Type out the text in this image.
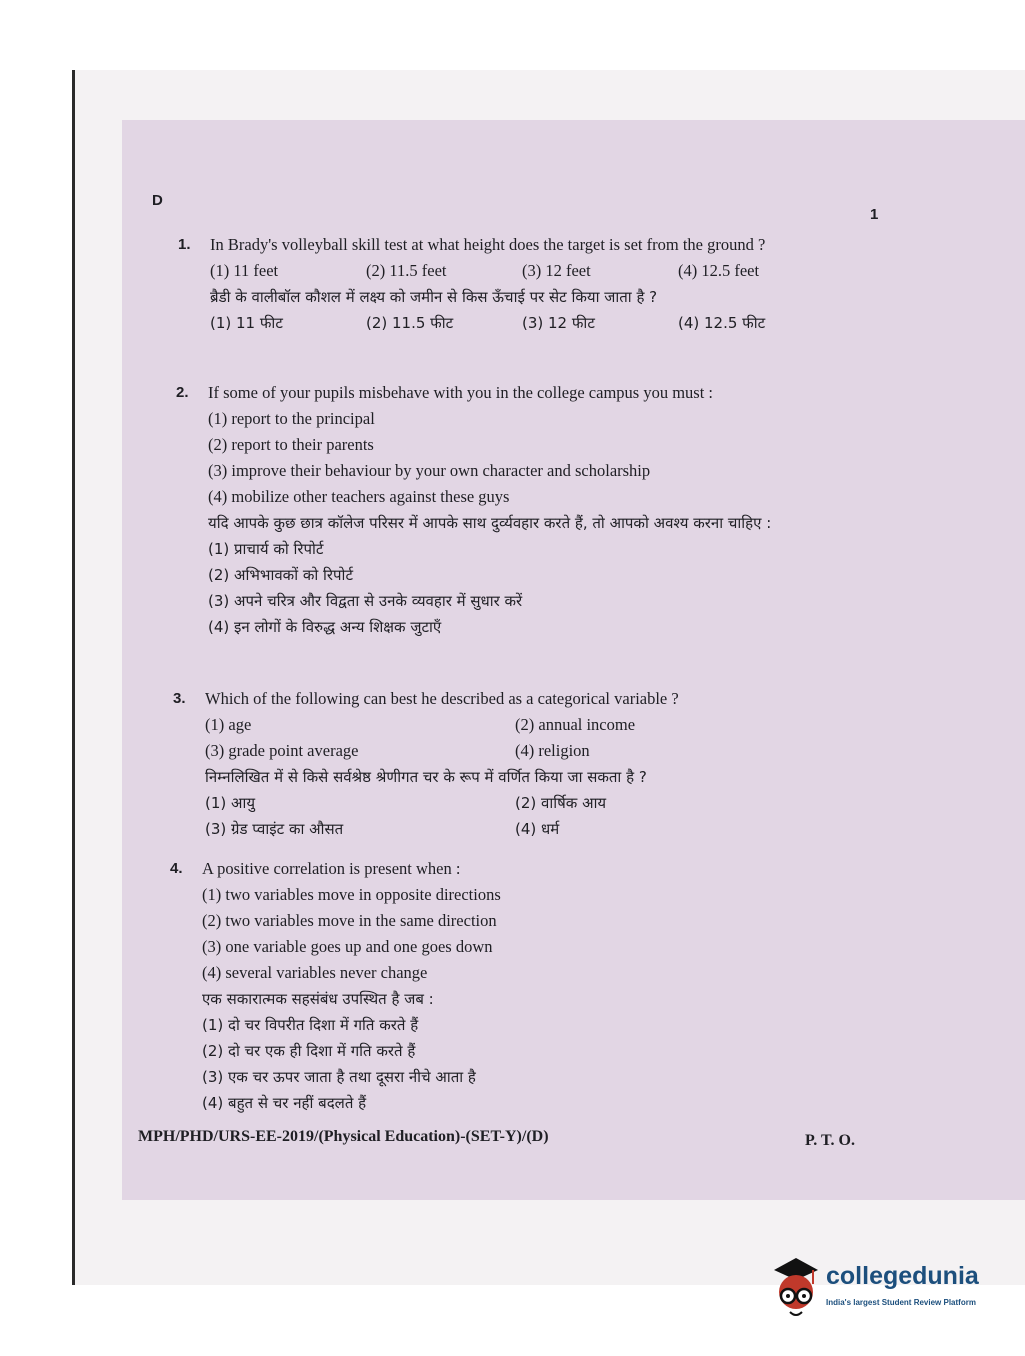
D
1
1. In Brady's volleyball skill test at what height does the target is set from the ground ?
(1) 11 feet	(2) 11.5 feet	(3) 12 feet	(4) 12.5 feet
ब्रैडी के वालीबॉल कौशल में लक्ष्य को जमीन से किस ऊँचाई पर सेट किया जाता है ?
(1) 11 फीट	(2) 11.5 फीट	(3) 12 फीट	(4) 12.5 फीट
2. If some of your pupils misbehave with you in the college campus you must :
(1) report to the principal
(2) report to their parents
(3) improve their behaviour by your own character and scholarship
(4) mobilize other teachers against these guys
यदि आपके कुछ छात्र कॉलेज परिसर में आपके साथ दुर्व्यवहार करते हैं, तो आपको अवश्य करना चाहिए :
(1) प्राचार्य को रिपोर्ट
(2) अभिभावकों को रिपोर्ट
(3) अपने चरित्र और विद्वता से उनके व्यवहार में सुधार करें
(4) इन लोगों के विरुद्ध अन्य शिक्षक जुटाएँ
3. Which of the following can best he described as a categorical variable ?
(1) age	(2) annual income
(3) grade point average	(4) religion
निम्नलिखित में से किसे सर्वश्रेष्ठ श्रेणीगत चर के रूप में वर्णित किया जा सकता है ?
(1) आयु	(2) वार्षिक आय
(3) ग्रेड प्वाइंट का औसत	(4) धर्म
4. A positive correlation is present when :
(1) two variables move in opposite directions
(2) two variables move in the same direction
(3) one variable goes up and one goes down
(4) several variables never change
एक सकारात्मक सहसंबंध उपस्थित है जब :
(1) दो चर विपरीत दिशा में गति करते हैं
(2) दो चर एक ही दिशा में गति करते हैं
(3) एक चर ऊपर जाता है तथा दूसरा नीचे आता है
(4) बहुत से चर नहीं बदलते हैं
MPH/PHD/URS-EE-2019/(Physical Education)-(SET-Y)/(D)	P. T. O.
collegedunia
India's largest Student Review Platform
